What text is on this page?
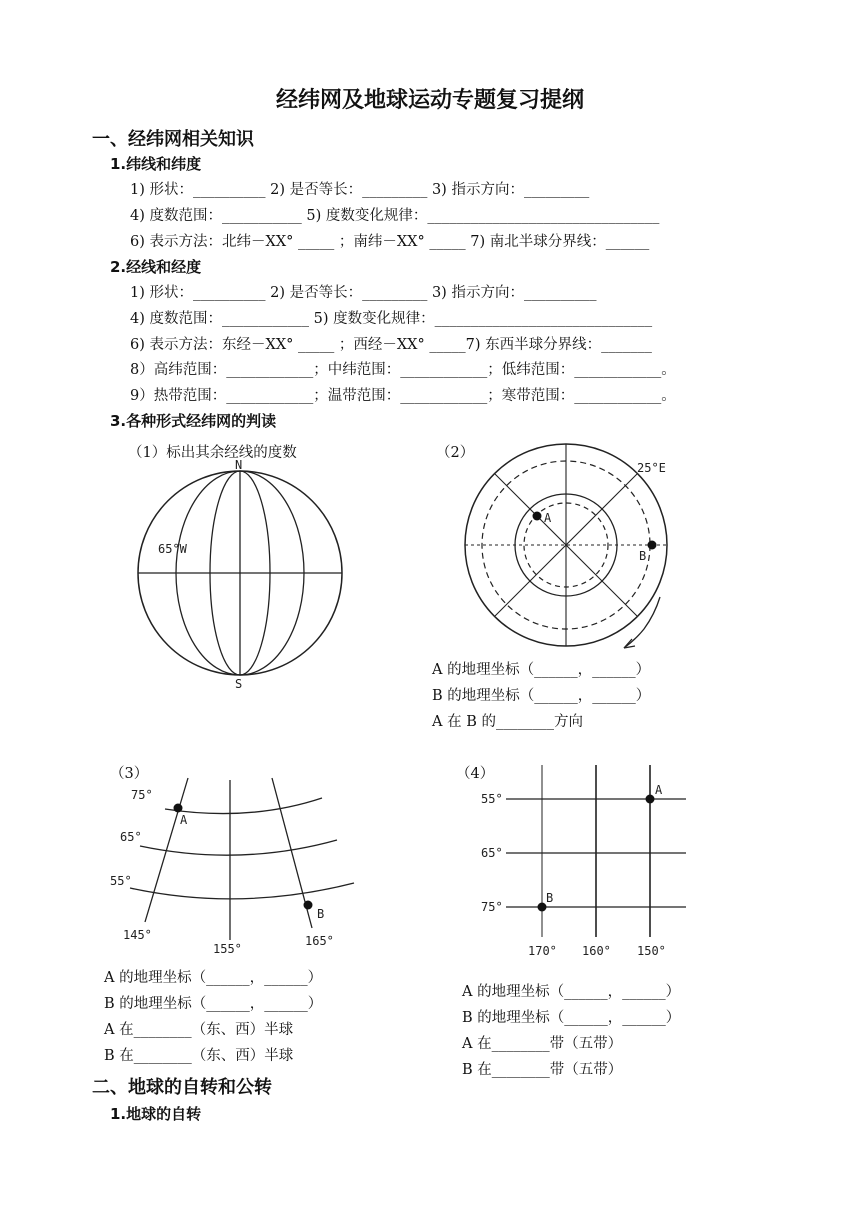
经纬网及地球运动专题复习提纲
一、经纬网相关知识
1.纬线和纬度
1) 形状：__________ 2) 是否等长：_________ 3) 指示方向：_________
4) 度数范围：___________ 5) 度数变化规律：________________________________
6) 表示方法：北纬－XX° _____ ；南纬－XX° _____ 7) 南北半球分界线：______
2.经线和经度
1) 形状：__________ 2) 是否等长：_________ 3) 指示方向：__________
4) 度数范围：____________ 5) 度数变化规律：______________________________
6) 表示方法：东经－XX° _____ ；西经－XX° _____7) 东西半球分界线：_______
8）高纬范围：____________；中纬范围：____________；低纬范围：____________。
9）热带范围：____________；温带范围：____________；寒带范围：____________。
3.各种形式经纬网的判读
（1）标出其余经线的度数
N
S
65°W
（2）
A
B
25°E
A 的地理坐标（______，______）
B 的地理坐标（______，______）
A 在 B 的________方向
（3）
A
B
75°
65°
55°
145°
155°
165°
A 的地理坐标（______，______）
B 的地理坐标（______，______）
A 在________（东、西）半球
B 在________（东、西）半球
（4）
A
B
55°
65°
75°
170° 160° 150°
A 的地理坐标（______，______）
B 的地理坐标（______，______）
A 在________带（五带）
B 在________带（五带）
二、地球的自转和公转
1.地球的自转
